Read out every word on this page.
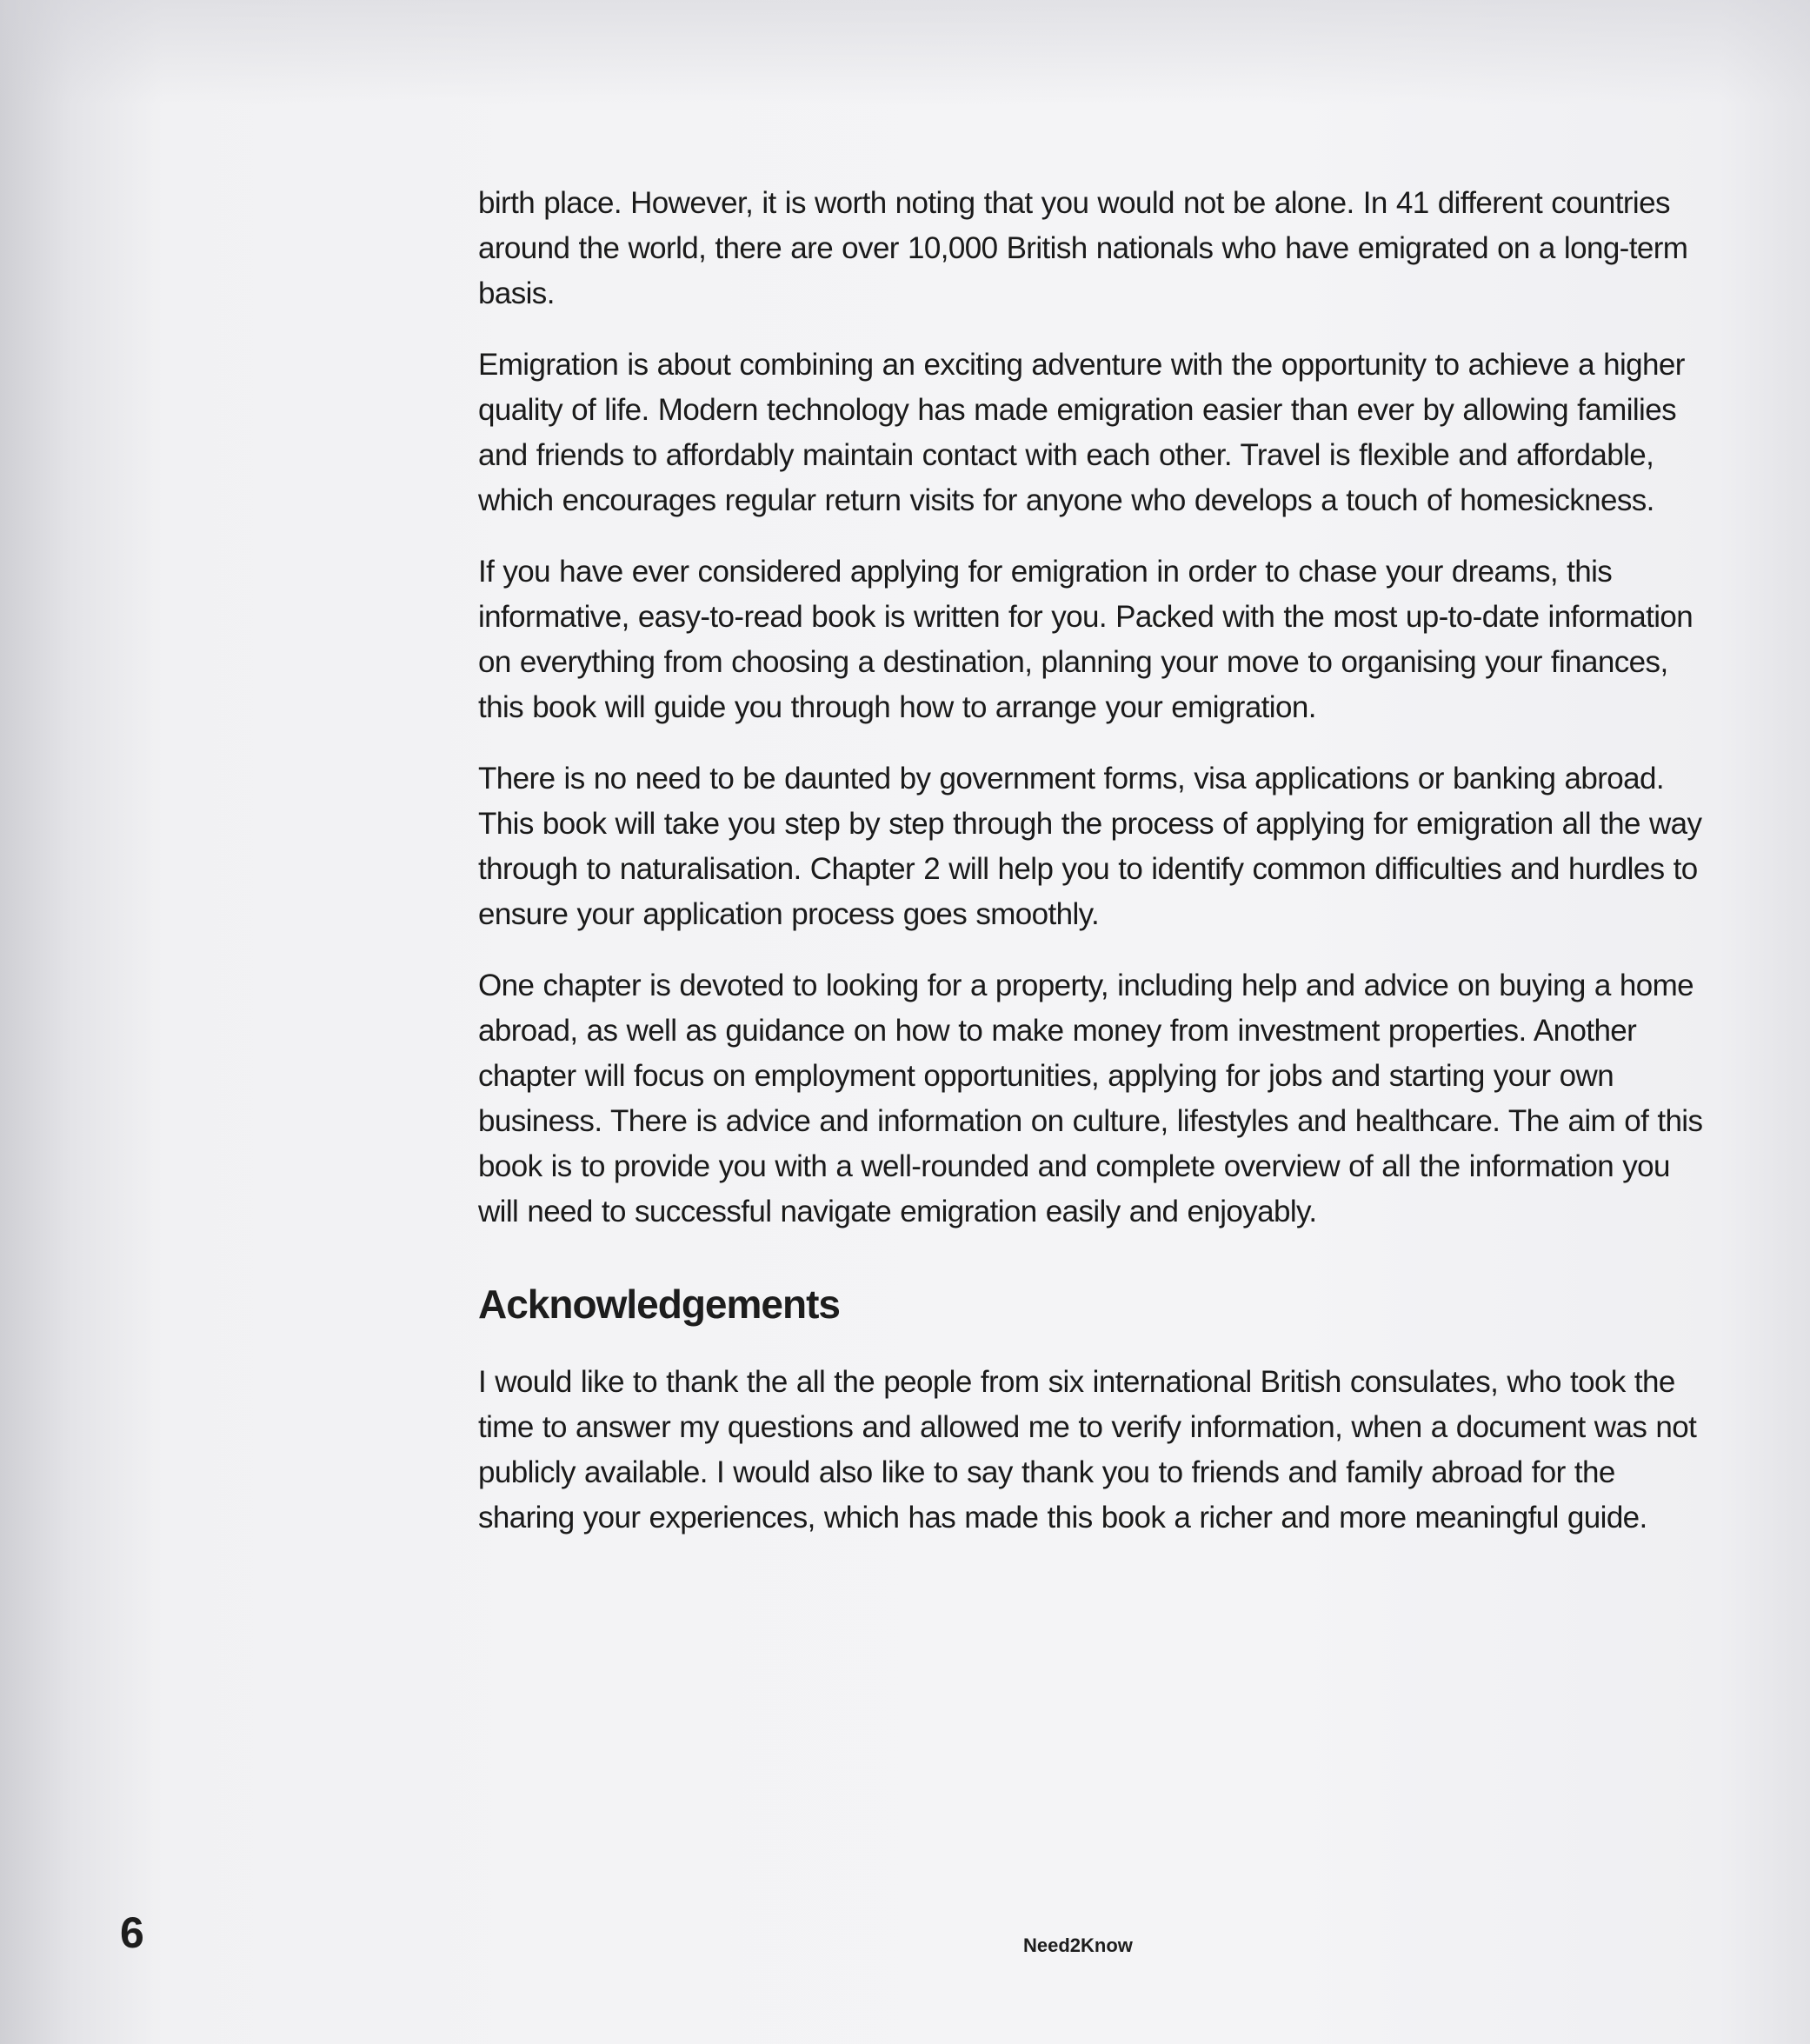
birth place. However, it is worth noting that you would not be alone. In 41 different countries around the world, there are over 10,000 British nationals who have emigrated on a long-term basis.

Emigration is about combining an exciting adventure with the opportunity to achieve a higher quality of life. Modern technology has made emigration easier than ever by allowing families and friends to affordably maintain contact with each other. Travel is flexible and affordable, which encourages regular return visits for anyone who develops a touch of homesickness.

If you have ever considered applying for emigration in order to chase your dreams, this informative, easy-to-read book is written for you. Packed with the most up-to-date information on everything from choosing a destination, planning your move to organising your finances, this book will guide you through how to arrange your emigration.

There is no need to be daunted by government forms, visa applications or banking abroad. This book will take you step by step through the process of applying for emigration all the way through to naturalisation. Chapter 2 will help you to identify common difficulties and hurdles to ensure your application process goes smoothly.

One chapter is devoted to looking for a property, including help and advice on buying a home abroad, as well as guidance on how to make money from investment properties. Another chapter will focus on employment opportunities, applying for jobs and starting your own business. There is advice and information on culture, lifestyles and healthcare. The aim of this book is to provide you with a well-rounded and complete overview of all the information you will need to successful navigate emigration easily and enjoyably.

Acknowledgements

I would like to thank the all the people from six international British consulates, who took the time to answer my questions and allowed me to verify information, when a document was not publicly available. I would also like to say thank you to friends and family abroad for the sharing your experiences, which has made this book a richer and more meaningful guide.

6	Need2Know
